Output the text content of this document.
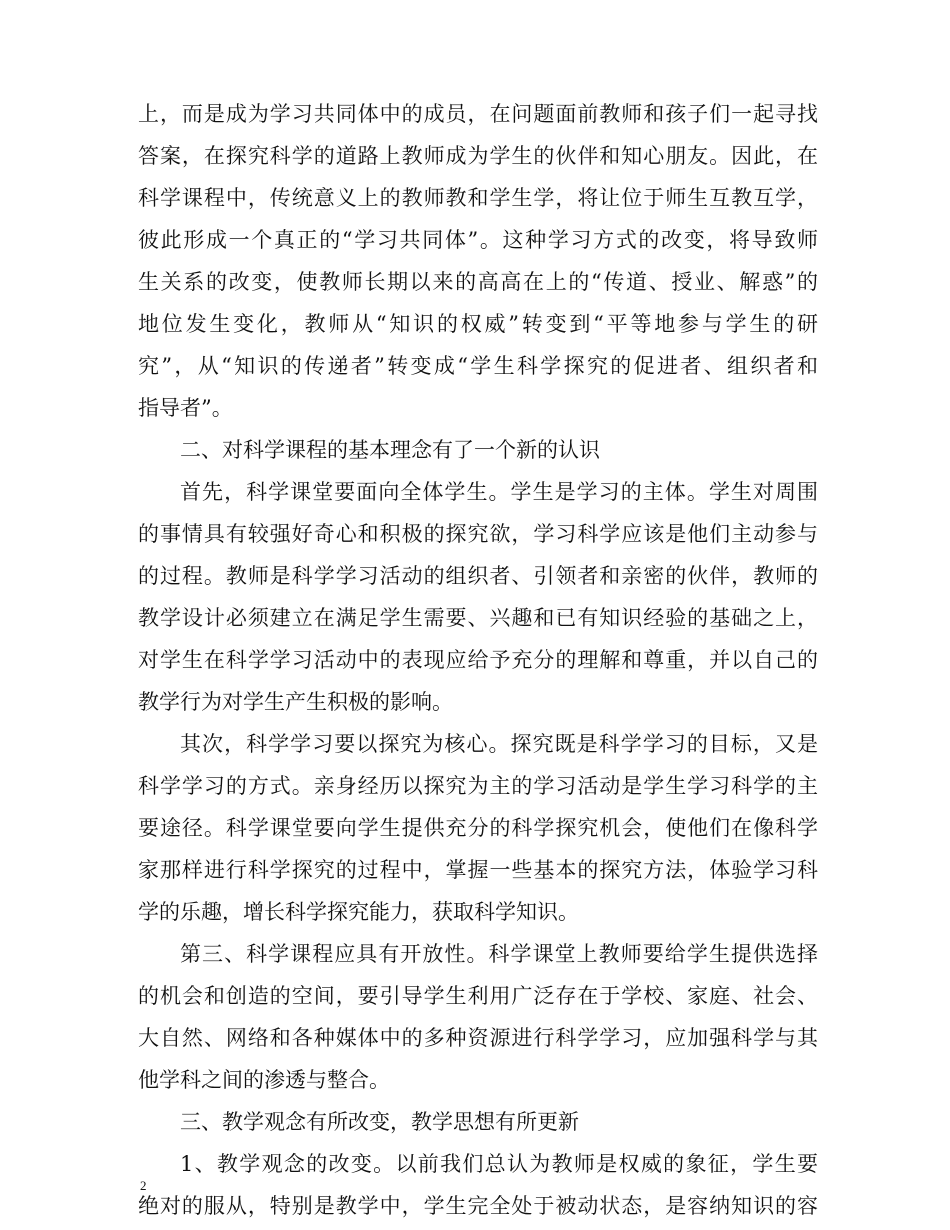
上，而是成为学习共同体中的成员，在问题面前教师和孩子们一起寻找
答案，在探究科学的道路上教师成为学生的伙伴和知心朋友。因此，在
科学课程中，传统意义上的教师教和学生学，将让位于师生互教互学，
彼此形成一个真正的“学习共同体”。这种学习方式的改变，将导致师
生关系的改变，使教师长期以来的高高在上的“传道、授业、解惑”的
地位发生变化，教师从“知识的权威”转变到“平等地参与学生的研
究”，从“知识的传递者”转变成“学生科学探究的促进者、组织者和
指导者”。
二、对科学课程的基本理念有了一个新的认识
首先，科学课堂要面向全体学生。学生是学习的主体。学生对周围
的事情具有较强好奇心和积极的探究欲，学习科学应该是他们主动参与
的过程。教师是科学学习活动的组织者、引领者和亲密的伙伴，教师的
教学设计必须建立在满足学生需要、兴趣和已有知识经验的基础之上，
对学生在科学学习活动中的表现应给予充分的理解和尊重，并以自己的
教学行为对学生产生积极的影响。
其次，科学学习要以探究为核心。探究既是科学学习的目标，又是
科学学习的方式。亲身经历以探究为主的学习活动是学生学习科学的主
要途径。科学课堂要向学生提供充分的科学探究机会，使他们在像科学
家那样进行科学探究的过程中，掌握一些基本的探究方法，体验学习科
学的乐趣，增长科学探究能力，获取科学知识。
第三、科学课程应具有开放性。科学课堂上教师要给学生提供选择
的机会和创造的空间，要引导学生利用广泛存在于学校、家庭、社会、
大自然、网络和各种媒体中的多种资源进行科学学习，应加强科学与其
他学科之间的渗透与整合。
三、教学观念有所改变，教学思想有所更新
1、教学观念的改变。以前我们总认为教师是权威的象征，学生要
绝对的服从，特别是教学中，学生完全处于被动状态，是容纳知识的容
2
